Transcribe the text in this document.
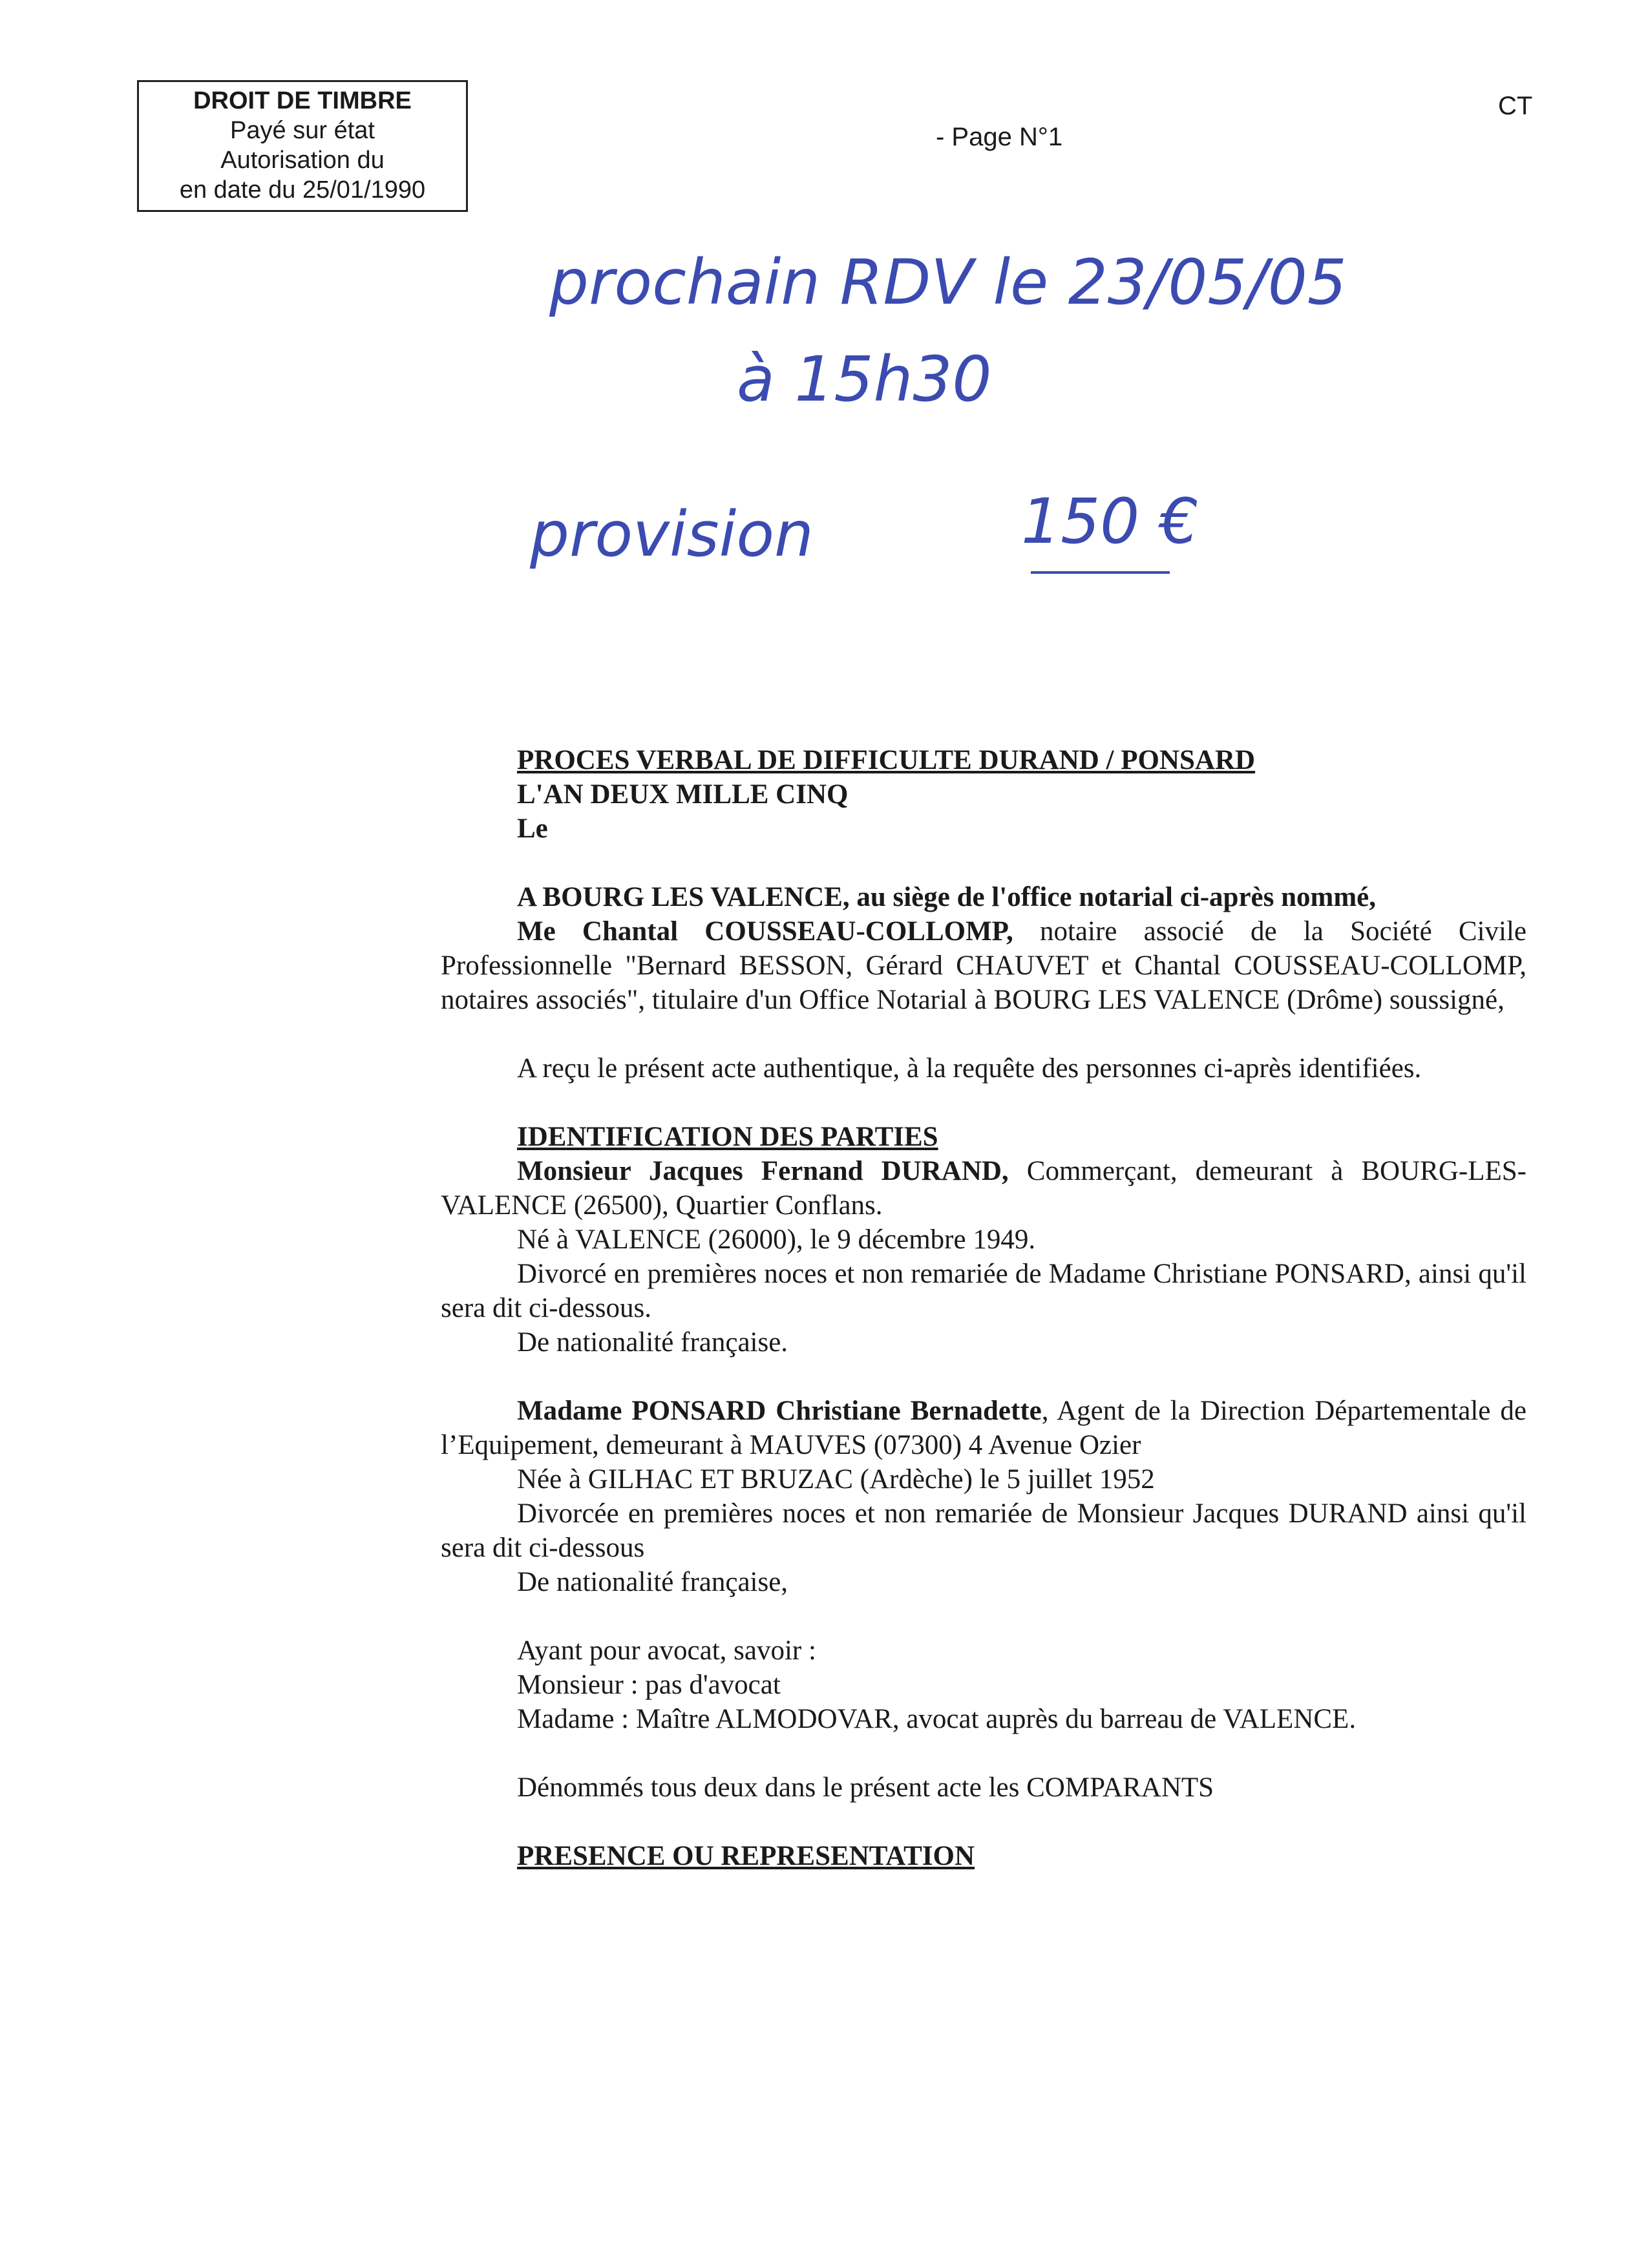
DROIT DE TIMBRE
Payé sur état
Autorisation du
en date du 25/01/1990
- Page N°1
CT
prochain RDV le 23/05/05
à 15h30
provision	150 €

PROCES VERBAL DE DIFFICULTE DURAND / PONSARD

L'AN DEUX MILLE CINQ

Le

A BOURG LES VALENCE, au siège de l'office notarial ci-après nommé,

Me Chantal COUSSEAU-COLLOMP, notaire associé de la Société Civile Professionnelle "Bernard BESSON, Gérard CHAUVET et Chantal COUSSEAU-COLLOMP, notaires associés", titulaire d'un Office Notarial à BOURG LES VALENCE (Drôme) soussigné,

A reçu le présent acte authentique, à la requête des personnes ci-après identifiées.

IDENTIFICATION DES PARTIES

Monsieur Jacques Fernand DURAND, Commerçant, demeurant à BOURG-LES-VALENCE (26500), Quartier Conflans.

Né à VALENCE (26000), le 9 décembre 1949.

Divorcé en premières noces et non remariée de Madame Christiane PONSARD, ainsi qu'il sera dit ci-dessous.

De nationalité française.

Madame PONSARD Christiane Bernadette, Agent de la Direction Départementale de l’Equipement, demeurant à MAUVES (07300) 4 Avenue Ozier

Née à GILHAC ET BRUZAC (Ardèche) le 5 juillet 1952

Divorcée en premières noces et non remariée de Monsieur Jacques DURAND ainsi qu'il sera dit ci-dessous

De nationalité française,

Ayant pour avocat, savoir :

Monsieur : pas d'avocat

Madame : Maître ALMODOVAR, avocat auprès du barreau de VALENCE.

Dénommés tous deux dans le présent acte les COMPARANTS

PRESENCE OU REPRESENTATION
